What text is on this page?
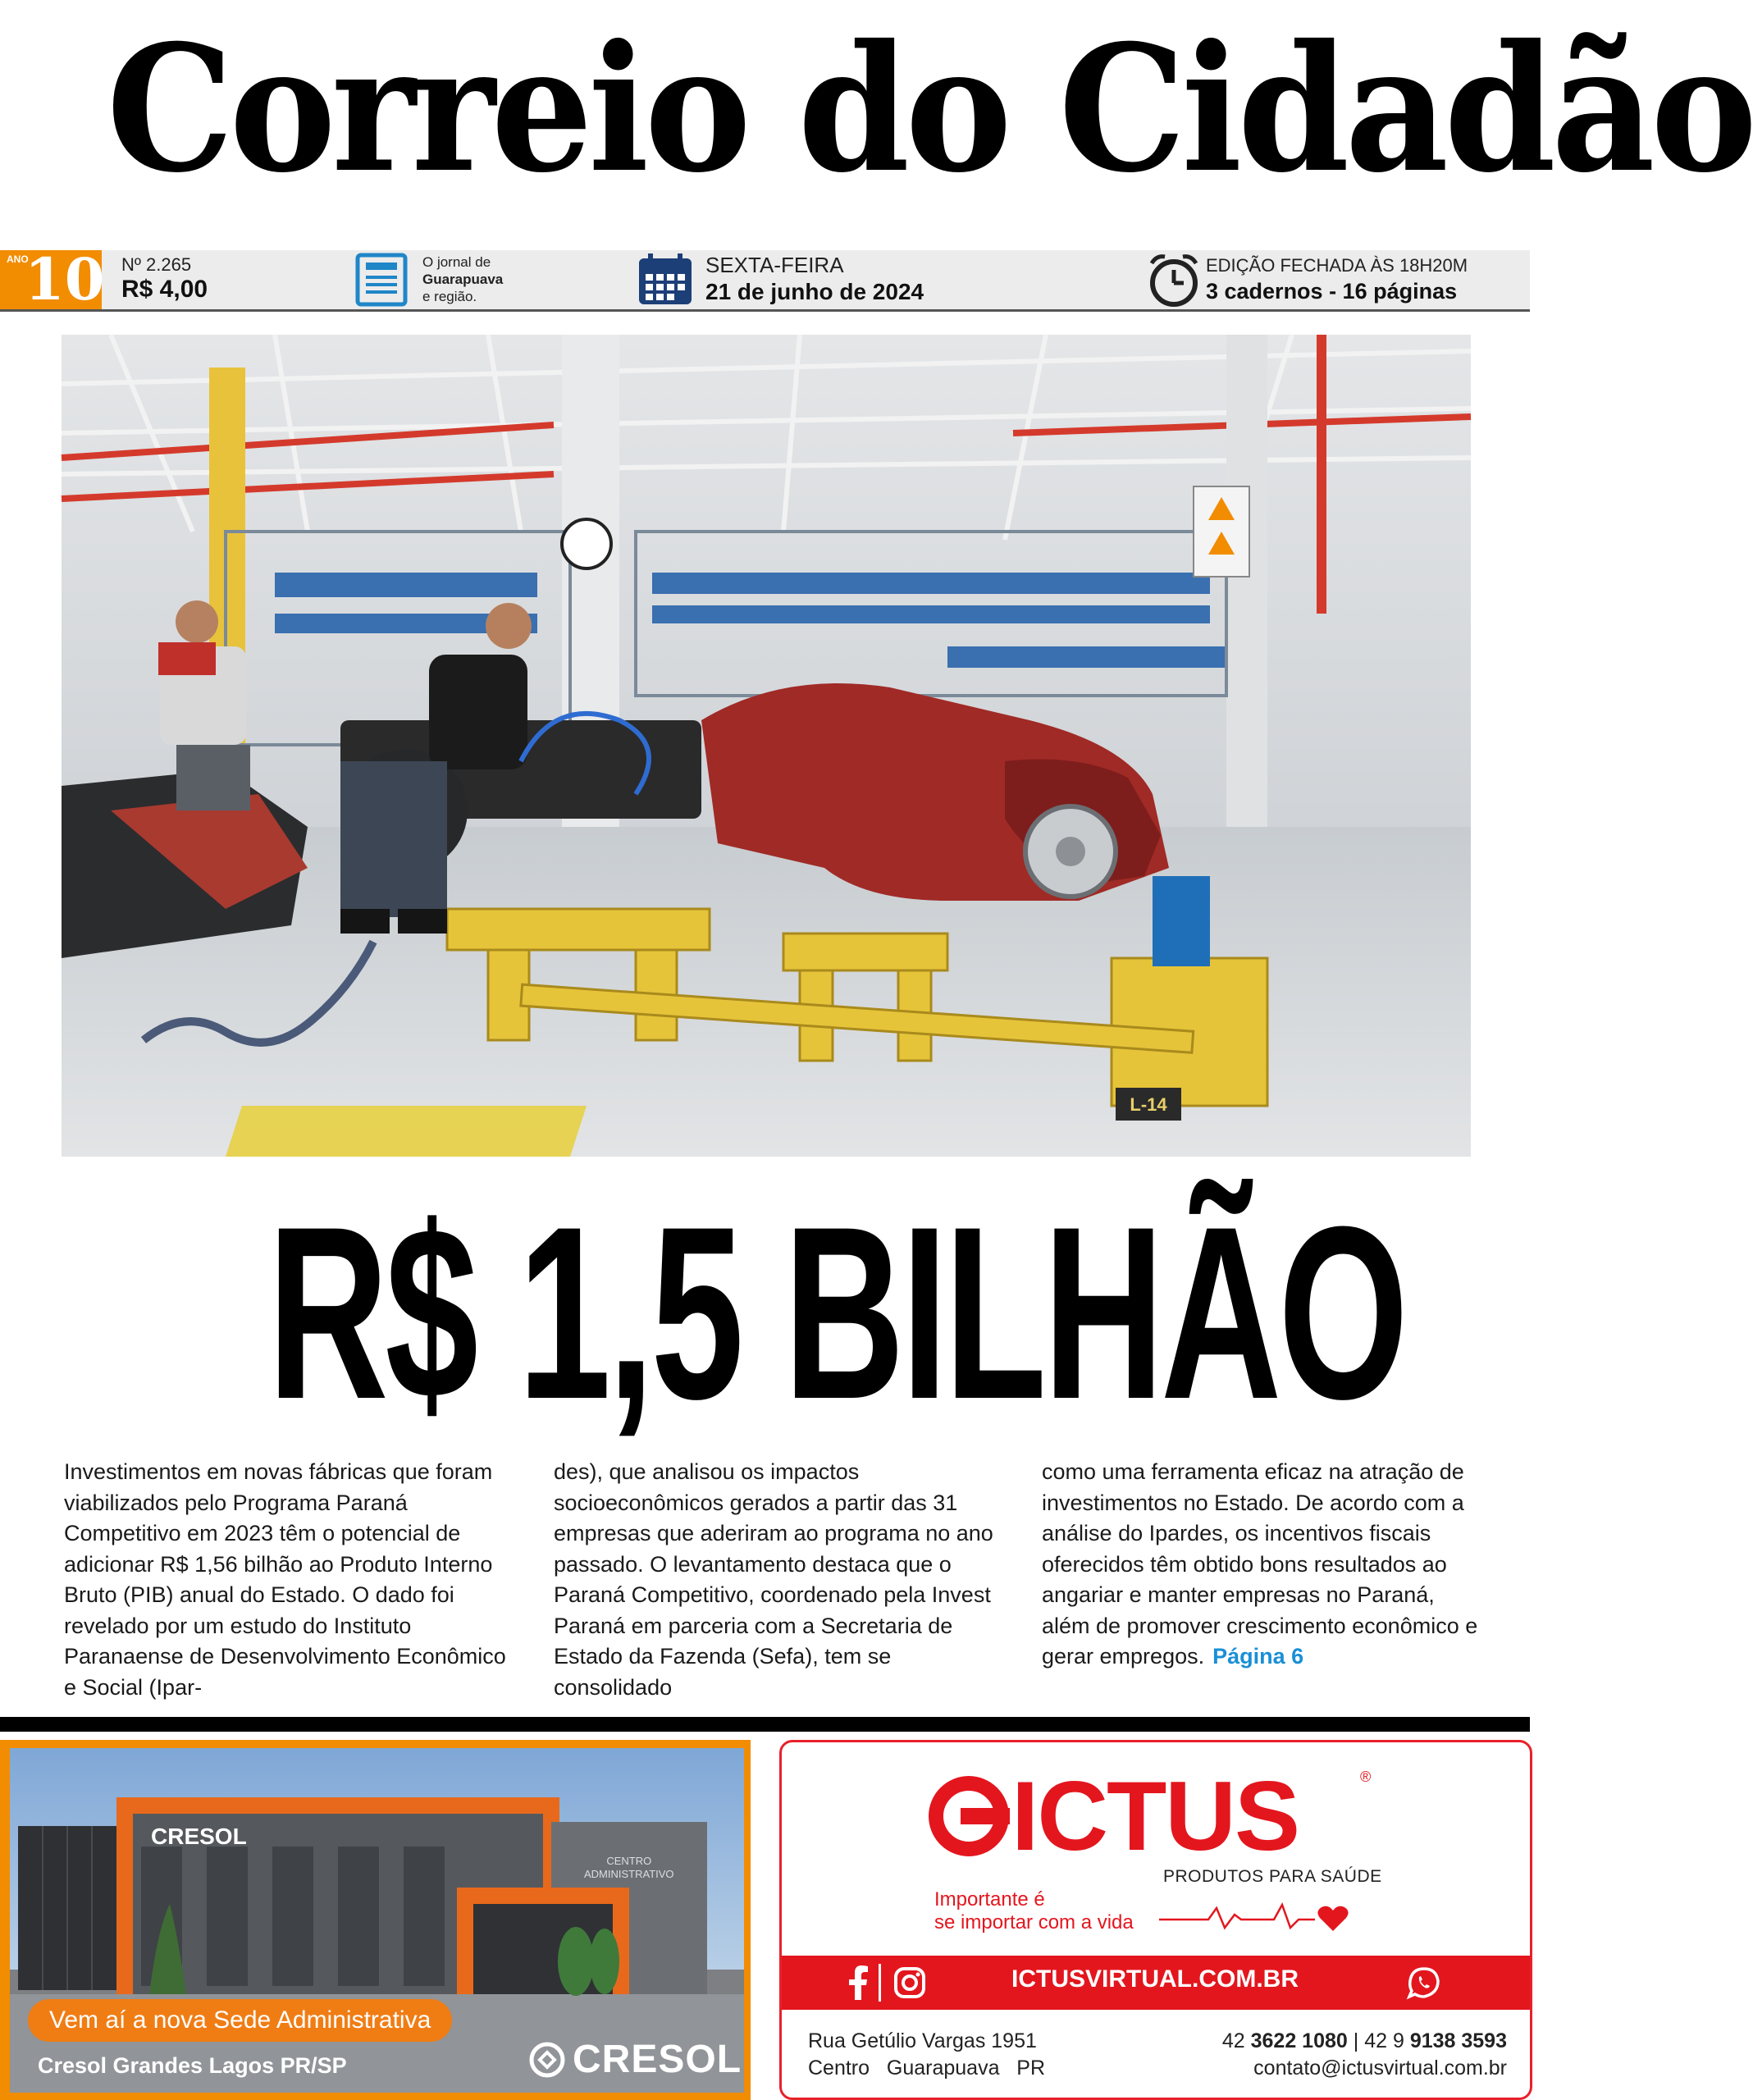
Correio do Cidadão
ANO
10 Nº 2.265
R$ 4,00
O jornal de
Guarapuava
e região.
SEXTA-FEIRA
21 de junho de 2024
EDIÇÃO FECHADA ÀS 18H20M
3 cadernos - 16 páginas
L-14
R$ 1,5 BILHÃO
Investimentos em novas fábricas que foram viabilizados pelo Programa Paraná Competitivo em 2023 têm o potencial de adicionar R$ 1,56 bilhão ao Produto Interno Bruto (PIB) anual do Estado. O dado foi revelado por um estudo do Instituto Paranaense de Desenvolvimento Econômico e Social (Ipar-
des), que analisou os impactos socioeconômicos gerados a partir das 31 empresas que aderiram ao programa no ano passado. O levantamento destaca que o Paraná Competitivo, coordenado pela Invest Paraná em parceria com a Secretaria de Estado da Fazenda (Sefa), tem se consolidado
como uma ferramenta eficaz na atração de investimentos no Estado. De acordo com a análise do Ipardes, os incentivos fiscais oferecidos têm obtido bons resultados ao angariar e manter empresas no Paraná, além de promover crescimento econômico e gerar empregos. Página 6
CRESOL
CENTRO
ADMINISTRATIVO
Vem aí a nova Sede Administrativa
Cresol Grandes Lagos PR/SP	CRESOL
ICTUS	®
PRODUTOS PARA SAÚDE
Importante é
se importar com a vida
ICTUSVIRTUAL.COM.BR
Rua Getúlio Vargas 1951
Centro   Guarapuava   PR
42 3622 1080 | 42 9 9138 3593
contato@ictusvirtual.com.br
